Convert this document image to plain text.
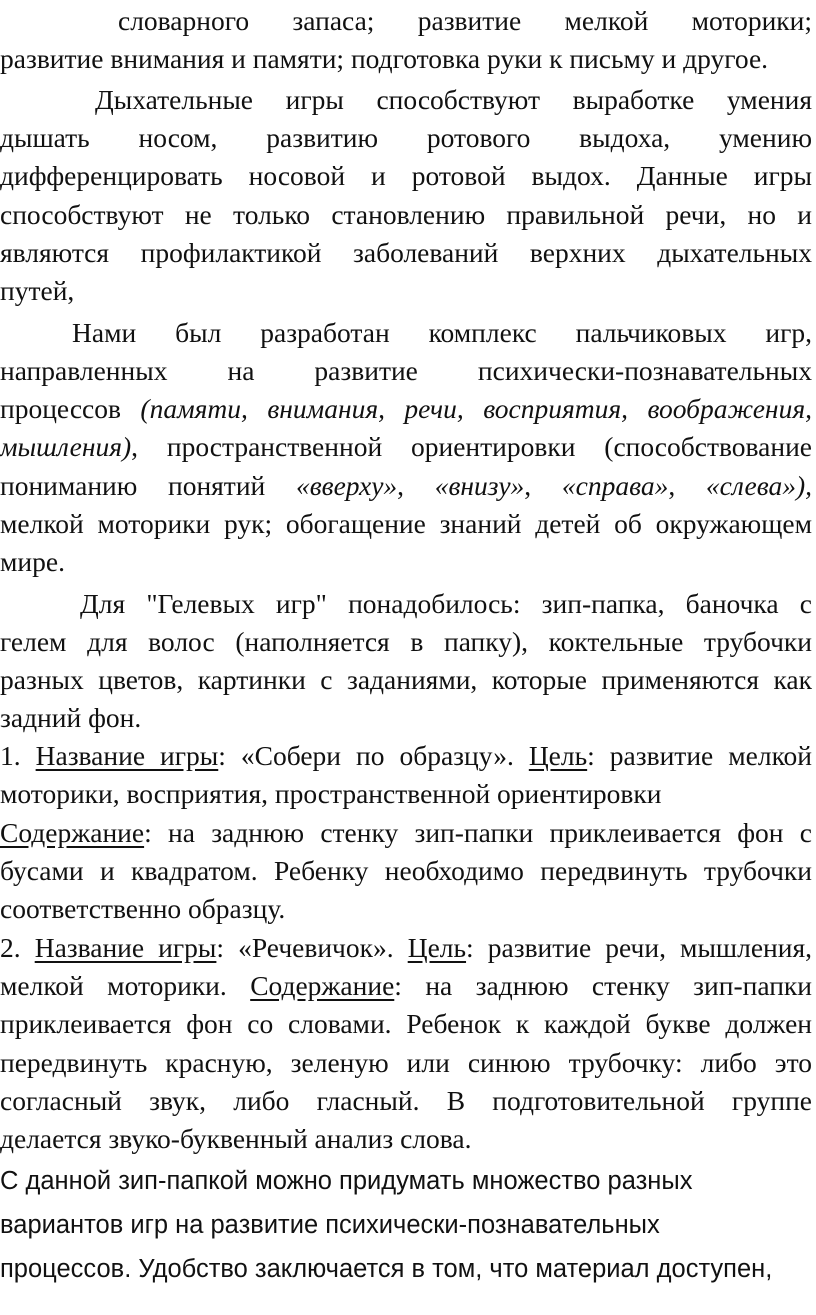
словарного запаса; развитие мелкой моторики;
развитие внимания и памяти; подготовка руки к письму и другое.
Дыхательные игры способствуют выработке умения
дышать носом, развитию ротового выдоха, умению
дифференцировать носовой и ротовой выдох. Данные игры
способствуют не только становлению правильной речи, но и
являются профилактикой заболеваний верхних дыхательных
путей,
Нами был разработан комплекс пальчиковых игр,
направленных на развитие психически-познавательных
процессов (памяти, внимания, речи, восприятия, воображения,
мышления), пространственной ориентировки (способствование
пониманию понятий «вверху», «внизу», «справа», «слева»),
мелкой моторики рук; обогащение знаний детей об окружающем
мире.
Для "Гелевых игр" понадобилось: зип-папка, баночка с
гелем для волос (наполняется в папку), коктельные трубочки
разных цветов, картинки с заданиями, которые применяются как
задний фон.
1. Название игры: «Собери по образцу». Цель: развитие мелкой
моторики, восприятия, пространственной ориентировки
Содержание: на заднюю стенку зип-папки приклеивается фон с
бусами и квадратом. Ребенку необходимо передвинуть трубочки
соответственно образцу.
2. Название игры: «Речевичок». Цель: развитие речи, мышления,
мелкой моторики. Содержание: на заднюю стенку зип-папки
приклеивается фон со словами. Ребенок к каждой букве должен
передвинуть красную, зеленую или синюю трубочку: либо это
согласный звук, либо гласный. В подготовительной группе
делается звуко-буквенный анализ слова.
С данной зип-папкой можно придумать множество разных
вариантов игр на развитие психически-познавательных
процессов. Удобство заключается в том, что материал доступен,
